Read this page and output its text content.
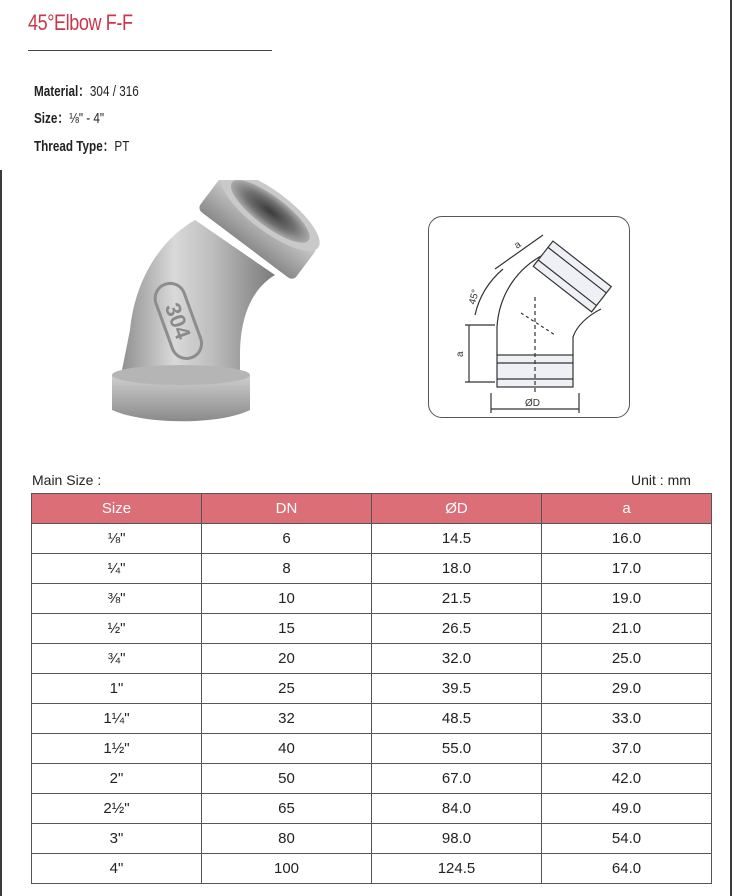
45°Elbow F-F
Material：304 / 316
Size：⅛" - 4"
Thread Type：PT
304
a
a
45°
ØD
Main Size :	Unit : mm
Size	DN	ØD	a
⅛"	6	14.5	16.0
¼"	8	18.0	17.0
⅜"	10	21.5	19.0
½"	15	26.5	21.0
¾"	20	32.0	25.0
1"	25	39.5	29.0
1¼"	32	48.5	33.0
1½"	40	55.0	37.0
2"	50	67.0	42.0
2½"	65	84.0	49.0
3"	80	98.0	54.0
4"	100	124.5	64.0
